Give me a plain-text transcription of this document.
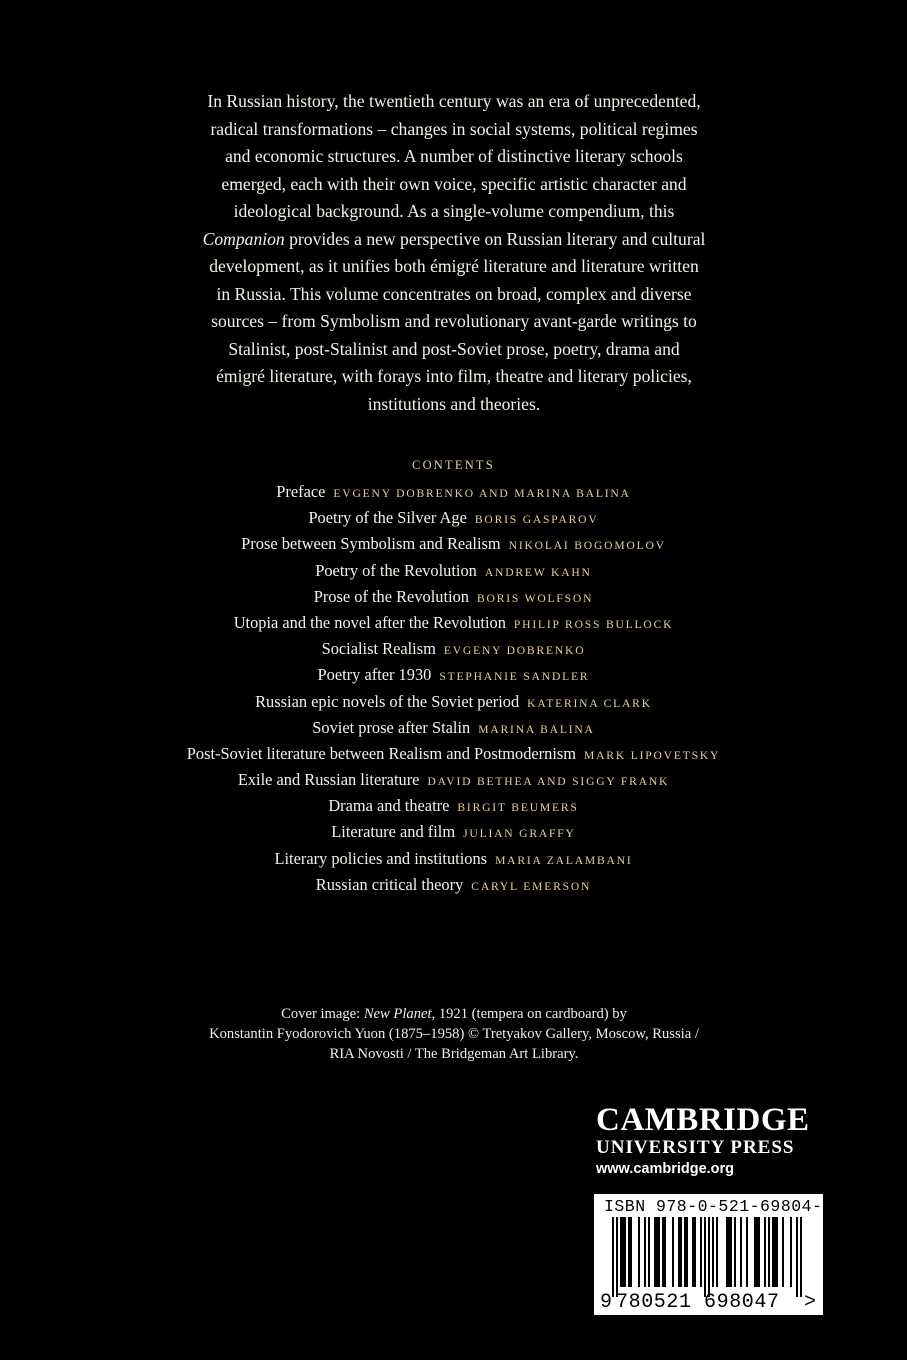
In Russian history, the twentieth century was an era of unprecedented,
radical transformations – changes in social systems, political regimes
and economic structures. A number of distinctive literary schools
emerged, each with their own voice, specific artistic character and
ideological background. As a single-volume compendium, this
Companion provides a new perspective on Russian literary and cultural
development, as it unifies both émigré literature and literature written
in Russia. This volume concentrates on broad, complex and diverse
sources – from Symbolism and revolutionary avant-garde writings to
Stalinist, post-Stalinist and post-Soviet prose, poetry, drama and
émigré literature, with forays into film, theatre and literary policies,
institutions and theories.
CONTENTS
Preface EVGENY DOBRENKO AND MARINA BALINA
Poetry of the Silver Age BORIS GASPAROV
Prose between Symbolism and Realism NIKOLAI BOGOMOLOV
Poetry of the Revolution ANDREW KAHN
Prose of the Revolution BORIS WOLFSON
Utopia and the novel after the Revolution PHILIP ROSS BULLOCK
Socialist Realism EVGENY DOBRENKO
Poetry after 1930 STEPHANIE SANDLER
Russian epic novels of the Soviet period KATERINA CLARK
Soviet prose after Stalin MARINA BALINA
Post-Soviet literature between Realism and Postmodernism MARK LIPOVETSKY
Exile and Russian literature DAVID BETHEA AND SIGGY FRANK
Drama and theatre BIRGIT BEUMERS
Literature and film JULIAN GRAFFY
Literary policies and institutions MARIA ZALAMBANI
Russian critical theory CARYL EMERSON
Cover image: New Planet, 1921 (tempera on cardboard) by
Konstantin Fyodorovich Yuon (1875–1958) © Tretyakov Gallery, Moscow, Russia /
RIA Novosti / The Bridgeman Art Library.
CAMBRIDGE
UNIVERSITY PRESS
www.cambridge.org
ISBN 978-0-521-69804-7
9 780521 698047 >
